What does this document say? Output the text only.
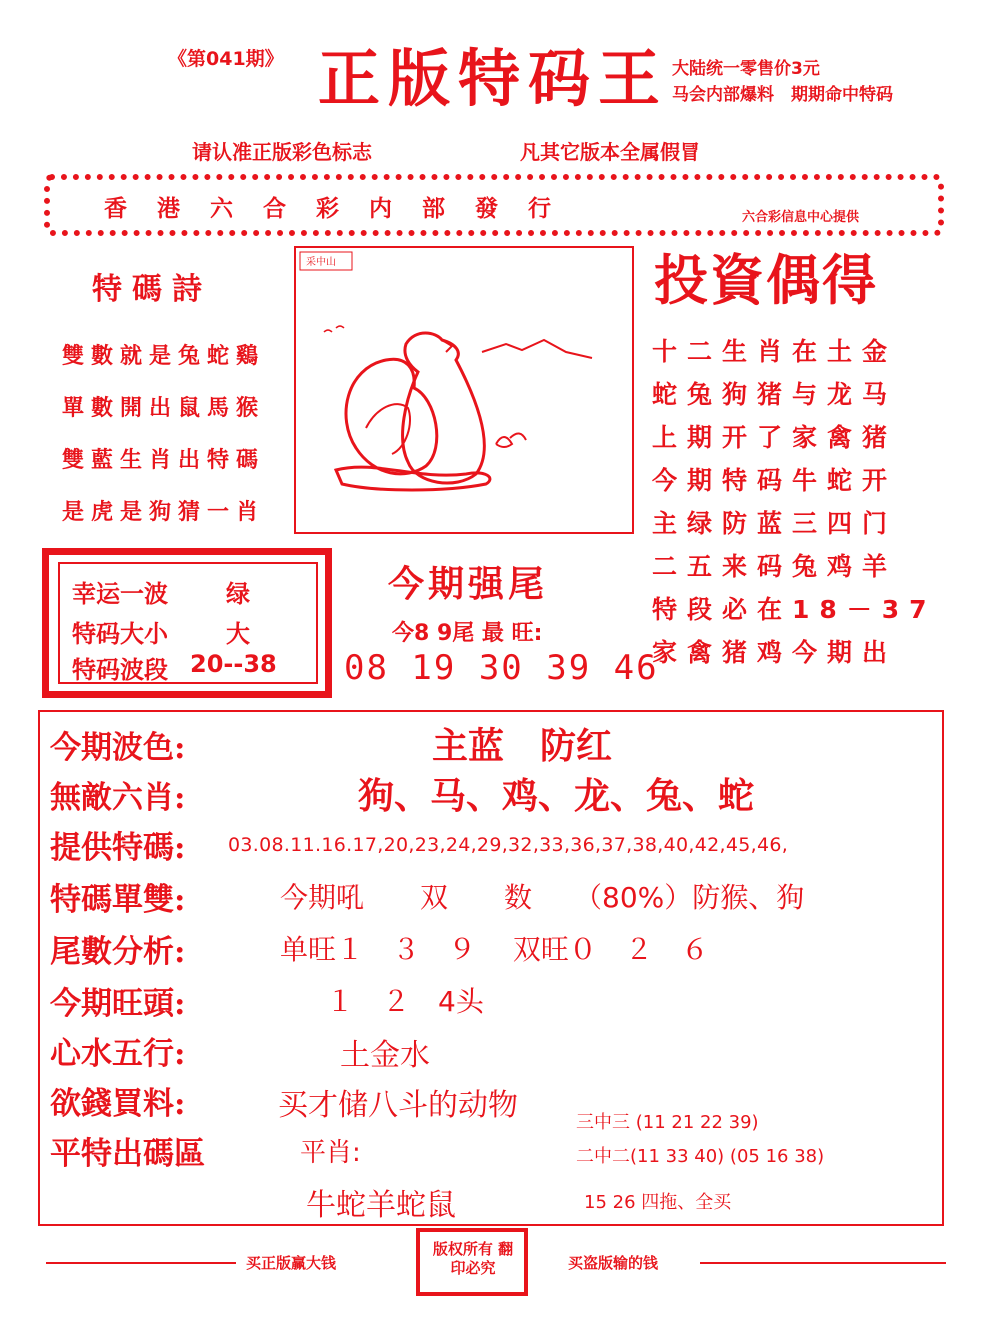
《第041期》 正版特码王 大陆统一零售价3元
马会内部爆料　期期命中特码
请认准正版彩色标志	凡其它版本全属假冒
香港六合彩内部發行	六合彩信息中心提供
特碼詩
雙數就是兔蛇鷄
單數開出鼠馬猴
雙藍生肖出特碼
是虎是狗猜一肖
采中山	投資偶得
十二生肖在土金
蛇兔狗猪与龙马
上期开了家禽猪
今期特码牛蛇开
主绿防蓝三四门
二五来码兔鸡羊
特段必在18－37
家禽猪鸡今期出
幸运一波 绿
特码大小 大
特码波段 20--38
今期强尾
今8 9尾 最 旺:
08 19 30 39 46
今期波色:	主蓝　防红
無敵六肖:	狗、马、鸡、龙、兔、蛇
提供特碼: 03.08.11.16.17,20,23,24,29,32,33,36,37,38,40,42,45,46,
特碼單雙:	今期吼　　双　　数　　（80%）防猴、狗
尾數分析:	单旺１　３　９　 双旺０　２　６
今期旺頭:	１　２　4头
心水五行:	土金水
欲錢買料:	买才储八斗的动物
平特出碼區	平肖:
牛蛇羊蛇鼠
三中三 (11 21 22 39)
二中二(11 33 40) (05 16 38)
15 26 四拖、全买
买正版赢大钱
版权所有 翻印必究	买盗版输的钱
